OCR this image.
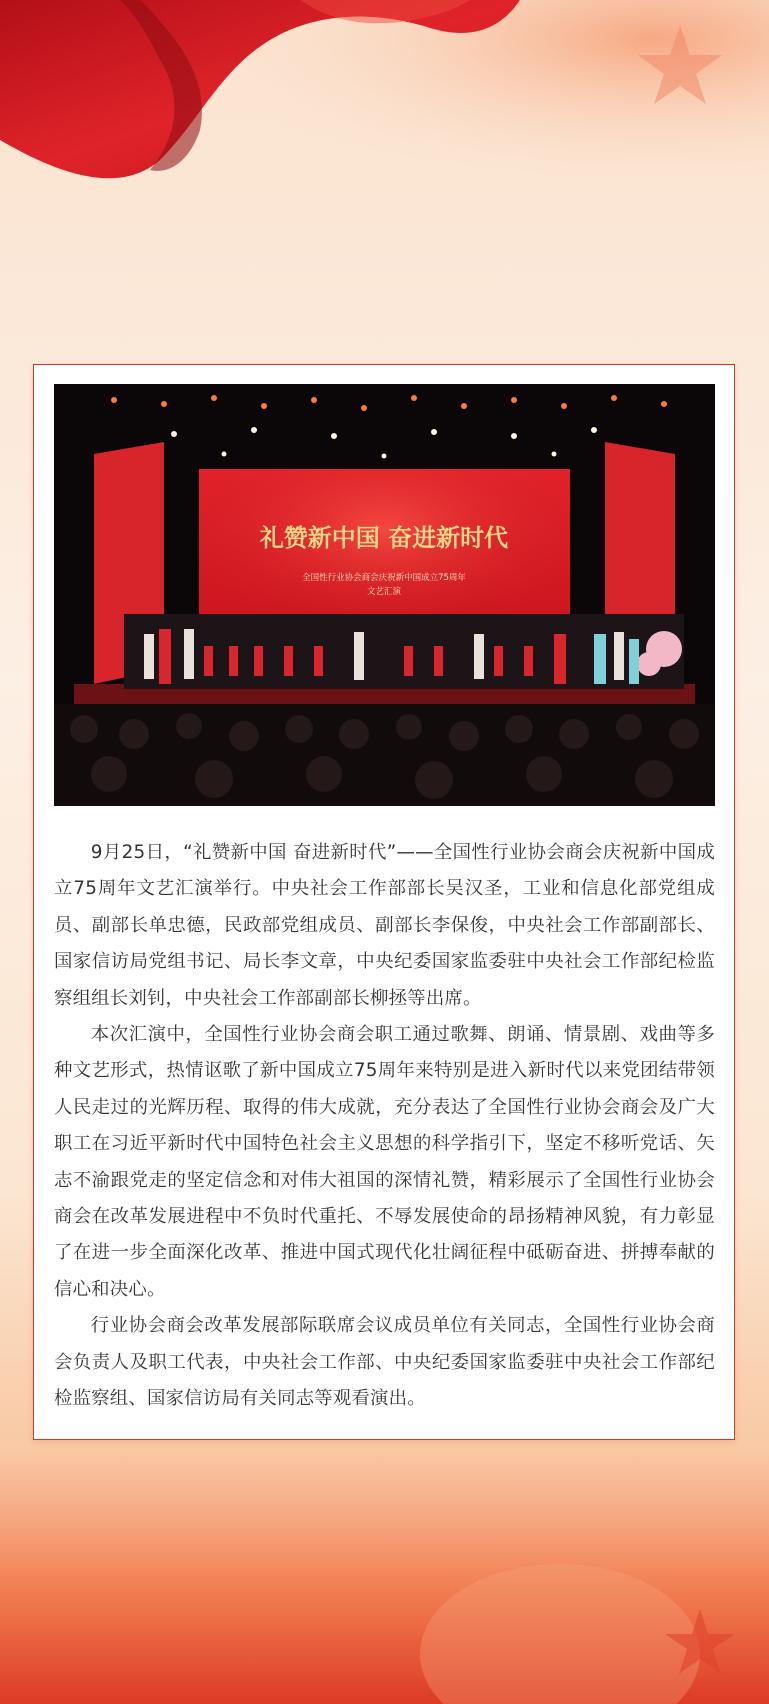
礼赞新中国 奋进新时代
全国性行业协会商会庆祝新中国成立75周年
文艺汇演

9月25日，“礼赞新中国 奋进新时代”——全国性行业协会商会庆祝新中国成立75周年文艺汇演举行。中央社会工作部部长吴汉圣，工业和信息化部党组成员、副部长单忠德，民政部党组成员、副部长李保俊，中央社会工作部副部长、国家信访局党组书记、局长李文章，中央纪委国家监委驻中央社会工作部纪检监察组组长刘钊，中央社会工作部副部长柳拯等出席。

本次汇演中，全国性行业协会商会职工通过歌舞、朗诵、情景剧、戏曲等多种文艺形式，热情讴歌了新中国成立75周年来特别是进入新时代以来党团结带领人民走过的光辉历程、取得的伟大成就，充分表达了全国性行业协会商会及广大职工在习近平新时代中国特色社会主义思想的科学指引下，坚定不移听党话、矢志不渝跟党走的坚定信念和对伟大祖国的深情礼赞，精彩展示了全国性行业协会商会在改革发展进程中不负时代重托、不辱发展使命的昂扬精神风貌，有力彰显了在进一步全面深化改革、推进中国式现代化壮阔征程中砥砺奋进、拼搏奉献的信心和决心。

行业协会商会改革发展部际联席会议成员单位有关同志，全国性行业协会商会负责人及职工代表，中央社会工作部、中央纪委国家监委驻中央社会工作部纪检监察组、国家信访局有关同志等观看演出。
